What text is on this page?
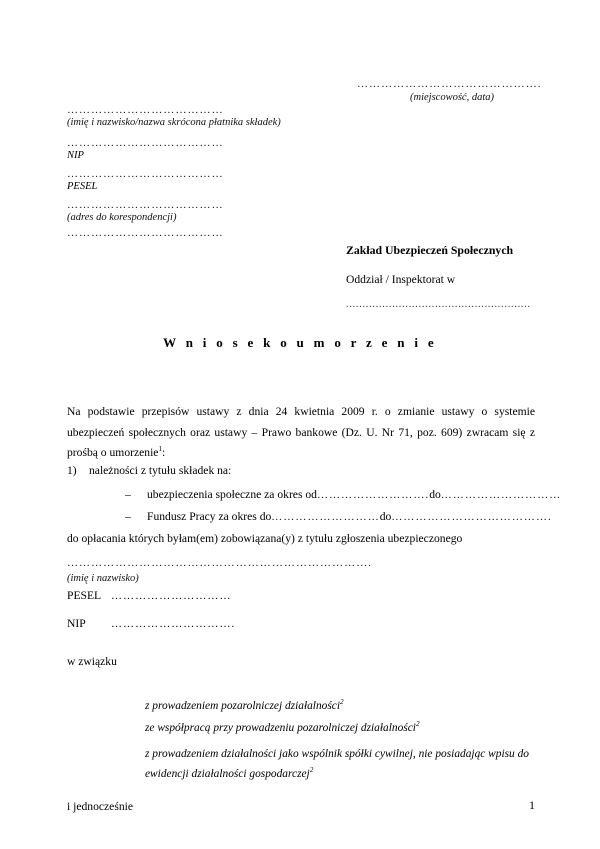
……………………………………….
(miejscowość, data)
…………………………………
(imię i nazwisko/nazwa skrócona płatnika składek)
…………………………………
NIP
…………………………………
PESEL
…………………………………
(adres do korespondencji)
…………………………………
Zakład Ubezpieczeń Społecznych
Oddział / Inspektorat w
........................................................
W n i o s e k o u m o r z e n i e
Na podstawie przepisów ustawy z dnia 24 kwietnia 2009 r. o zmianie ustawy o systemie ubezpieczeń społecznych oraz ustawy – Prawo bankowe (Dz. U. Nr 71, poz. 609) zwracam się z prośbą o umorzenie$^1$:
1) należności z tytułu składek na:
– ubezpieczenia społeczne za okres od……………………….do…………………………
– Fundusz Pracy za okres do………………………do………………………………….
do opłacania których byłam(em) zobowiązana(y) z tytułu zgłoszenia ubezpieczonego
………………………………………………………………….
(imię i nazwisko)
PESEL …………………………
NIP ………………………….
w związku
z prowadzeniem pozarolniczej działalności$^2$
ze współpracą przy prowadzeniu pozarolniczej działalności$^2$
z prowadzeniem działalności jako wspólnik spółki cywilnej, nie posiadając wpisu do
ewidencji działalności gospodarczej$^2$
i jednocześnie	1
